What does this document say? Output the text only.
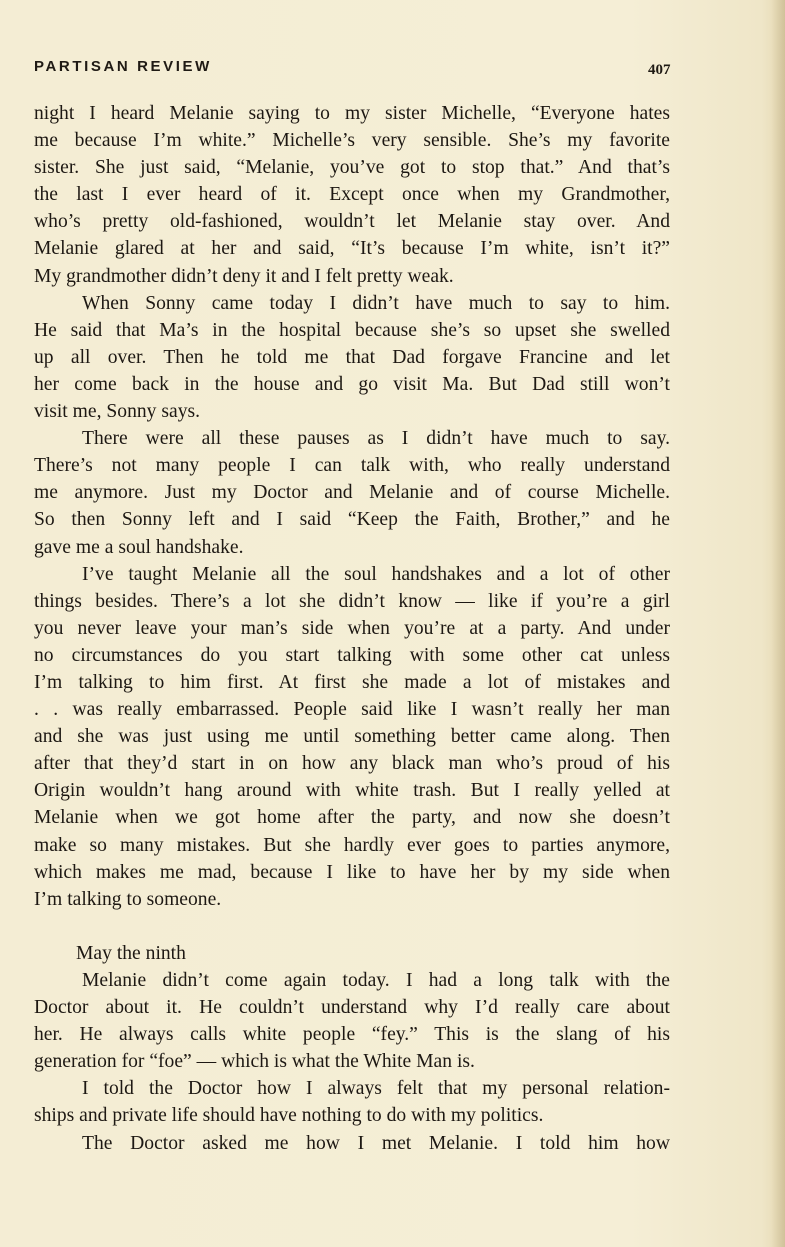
PARTISAN REVIEW	407
night I heard Melanie saying to my sister Michelle, “Everyone hates
me because I’m white.” Michelle’s very sensible. She’s my favorite
sister. She just said, “Melanie, you’ve got to stop that.” And that’s
the last I ever heard of it. Except once when my Grandmother,
who’s pretty old-fashioned, wouldn’t let Melanie stay over. And
Melanie glared at her and said, “It’s because I’m white, isn’t it?”
My grandmother didn’t deny it and I felt pretty weak.
When Sonny came today I didn’t have much to say to him.
He said that Ma’s in the hospital because she’s so upset she swelled
up all over. Then he told me that Dad forgave Francine and let
her come back in the house and go visit Ma. But Dad still won’t
visit me, Sonny says.
There were all these pauses as I didn’t have much to say.
There’s not many people I can talk with, who really understand
me anymore. Just my Doctor and Melanie and of course Michelle.
So then Sonny left and I said “Keep the Faith, Brother,” and he
gave me a soul handshake.
I’ve taught Melanie all the soul handshakes and a lot of other
things besides. There’s a lot she didn’t know — like if you’re a girl
you never leave your man’s side when you’re at a party. And under
no circumstances do you start talking with some other cat unless
I’m talking to him first. At first she made a lot of mistakes and
. . was really embarrassed. People said like I wasn’t really her man
and she was just using me until something better came along. Then
after that they’d start in on how any black man who’s proud of his
Origin wouldn’t hang around with white trash. But I really yelled at
Melanie when we got home after the party, and now she doesn’t
make so many mistakes. But she hardly ever goes to parties anymore,
which makes me mad, because I like to have her by my side when
I’m talking to someone.
May the ninth
Melanie didn’t come again today. I had a long talk with the
Doctor about it. He couldn’t understand why I’d really care about
her. He always calls white people “fey.” This is the slang of his
generation for “foe” — which is what the White Man is.
I told the Doctor how I always felt that my personal relation-
ships and private life should have nothing to do with my politics.
The Doctor asked me how I met Melanie. I told him how
